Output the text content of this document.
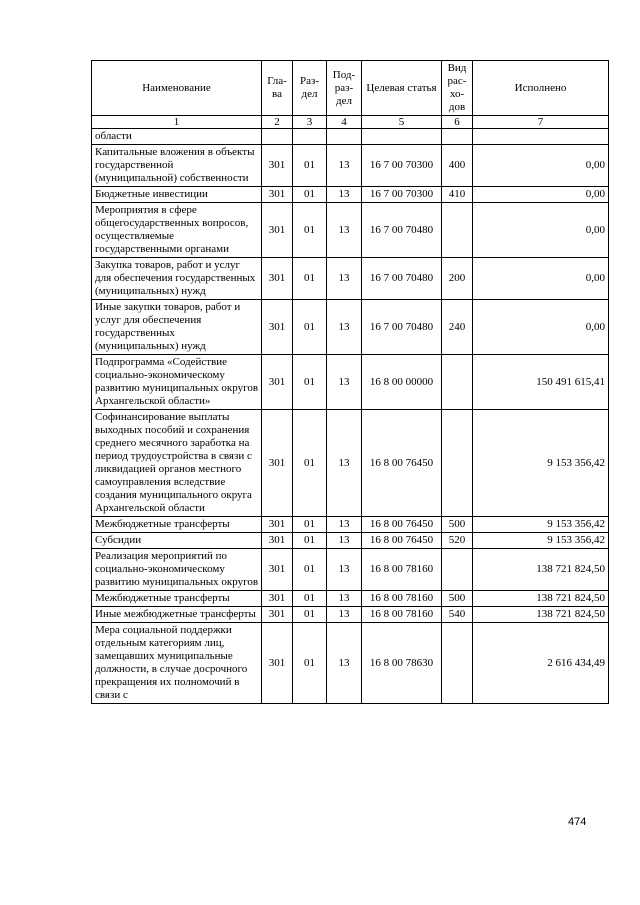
Наименование	Гла-ва	Раз-дел	Под-раз-дел	Целевая статья	Вид рас-хо-дов	Исполнено
1	2	3	4	5	6	7
области						
Капитальные вложения в объекты государственной (муниципальной) собственности	301	01	13	16 7 00 70300	400	0,00
Бюджетные инвестиции	301	01	13	16 7 00 70300	410	0,00
Мероприятия в сфере общегосударственных вопросов, осуществляемые государственными органами	301	01	13	16 7 00 70480		0,00
Закупка товаров, работ и услуг для обеспечения государственных (муниципальных) нужд	301	01	13	16 7 00 70480	200	0,00
Иные закупки товаров, работ и услуг для обеспечения государственных (муниципальных) нужд	301	01	13	16 7 00 70480	240	0,00
Подпрограмма «Содействие социально-экономическому развитию муниципальных округов Архангельской области»	301	01	13	16 8 00 00000		150 491 615,41
Софинансирование выплаты выходных пособий и сохранения среднего месячного заработка на период трудоустройства в связи с ликвидацией органов местного самоуправления вследствие создания муниципального округа Архангельской области	301	01	13	16 8 00 76450		9 153 356,42
Межбюджетные трансферты	301	01	13	16 8 00 76450	500	9 153 356,42
Субсидии	301	01	13	16 8 00 76450	520	9 153 356,42
Реализация мероприятий по социально-экономическому развитию муниципальных округов	301	01	13	16 8 00 78160		138 721 824,50
Межбюджетные трансферты	301	01	13	16 8 00 78160	500	138 721 824,50
Иные межбюджетные трансферты	301	01	13	16 8 00 78160	540	138 721 824,50
Мера социальной поддержки отдельным категориям лиц, замещавших муниципальные должности, в случае досрочного прекращения их полномочий в связи с	301	01	13	16 8 00 78630		2 616 434,49
474
